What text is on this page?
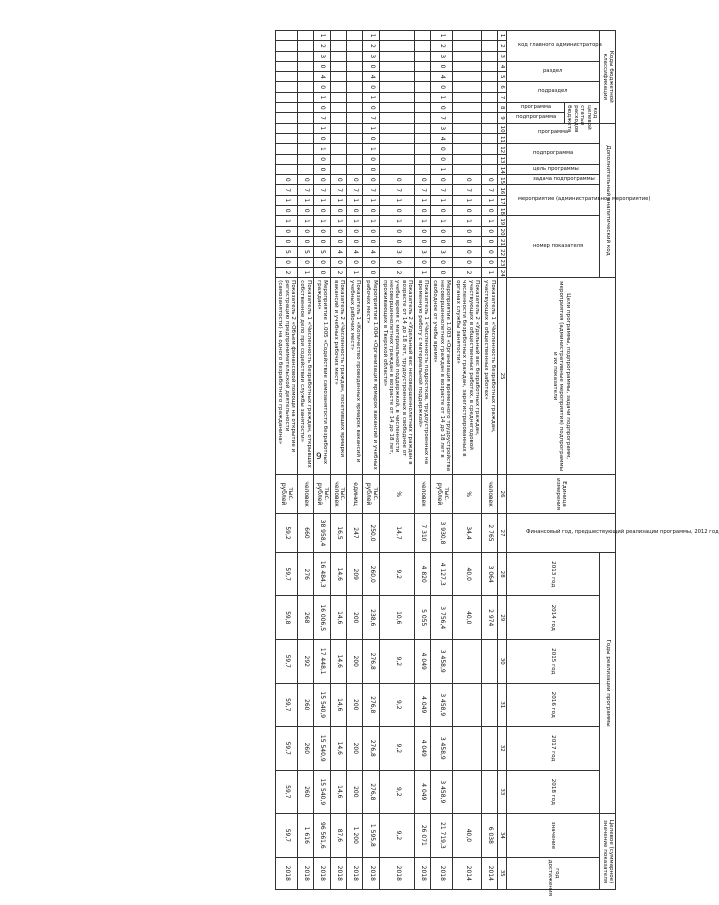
9
Коды бюджетной классификации									Дополнительный аналитический код															Цели программы, подпрограммы, задачи подпрограмм, мероприятия (административные мероприятия) подпрограммы и их показатели	Единица измерения	Финансовый год, предшествующий реализации программы, 2012 год	Годы реализации программы						Целевое (суммарное) значение показателя	

код главного администратора			раздел		подраздел		код целевой статьи расходов бюджета		программа		подпрограмма		цель программы	задача подпрограммы	мероприятие (административное мероприятие)			номер показателя									2013 год	2014 год	2015 год	2016 год	2017 год	2018 год	значение	год достижения

							программа	подпрограмма																										

1	2	3	4	5	6	7	8	9	10	11	12	13	14	15	16	17	18	19	20	21	22	23	24	25	26	27	28	29	30	31	32	33	34	35
														0	7	1	0	1	0	0	0	0	1	Показатель 1 «Численность безработных граждан, участвующих в общественных работах»	человек	2 765	3 064	2 974					6 038	2014
														0	7	1	0	1	0	0	0	0	2	Показатель 2 «Удельный вес безработных граждан, участвующих в общественных работах, в среднегодовой численности безработных граждан, зарегистрированных в органах службы занятости»	%	34,4	40,0	40,0					40,0	2014
1	2	3	0	4	0	1	0	7	3	4	0	0	1	0	7	1	0	1	0	0	3	0	0	Мероприятие 1.003 «Организация временного трудоустройства несовершеннолетних граждан в возрасте от 14 до 18 лет в свободное от учебы время»	тыс. рублей	3 930,8	4 127,3	3 756,4	3 458,9	3 458,9	3 458,9	3 458,9	21 719,3	2018
														0	7	1	0	1	0	0	3	0	1	Показатель 1 «Численность подростков, трудоустроенных на временную работу с материальной поддержкой»	человек	7 310	4 820	5 055	4 049	4 049	4 049	4 049	26 071	2018
														0	7	1	0	1	0	0	3	0	2	Показатель 2 «Удельный вес несовершеннолетних граждан в возрасте от 14 до 18 лет, трудоустроенных в свободное от учебы время с материальной поддержкой, в численности несовершеннолетних граждан в возрасте от 14 до 18 лет, проживающих в Тверской области»	%	14,7	9,2	10,6	9,2	9,2	9,2	9,2	9,2	2018
1	2	3	0	4	0	1	0	7	1	0	1	0	0	0	7	1	0	1	0	0	4	0	0	Мероприятие 1.004 «Организация ярмарок вакансий и учебных рабочих мест»	тыс. рублей	250,0	260,0	238,6	276,8	276,8	276,8	276,8	1 595,8	2018
														0	7	1	0	1	0	0	4	0	1	Показатель 1 «Количество проведенных ярмарок вакансий и учебных рабочих мест»	единиц	247	209	200	200	200	200	200	1 200	2018
														0	7	1	0	1	0	0	4	0	2	Показатель 2 «Численность граждан, посетивших ярмарки вакансий и учебных рабочих мест»	тыс. человек	16,5	14,6	14,6	14,6	14,6	14,6	14,6	87,6	2018
1	2	3	0	4	0	1	0	7	1	0	1	0	0	0	7	1	0	1	0	0	5	0	0	Мероприятие 1.005 «Содействие самозанятости безработных граждан»	тыс. рублей	38 958,4	16 484,3	16 006,5	17 448,1	15 540,9	15 540,9	15 540,9	96 561,6	2018
														0	7	1	0	1	0	0	5	0	1	Показатель 1 «Численность безработных граждан, открывших собственное дело при содействии службы занятости»	человек	660	276	268	292	260	260	260	1 616	2018
														0	7	1	0	1	0	0	5	0	2	Показатель 2 «Объем финансовой помощи на открытие и регистрацию предпринимательской деятельности (самозанятости) на одного безработного гражданина»	тыс. рублей	59,2	59,7	59,8	59,7	59,7	59,7	59,7	59,7	2018
